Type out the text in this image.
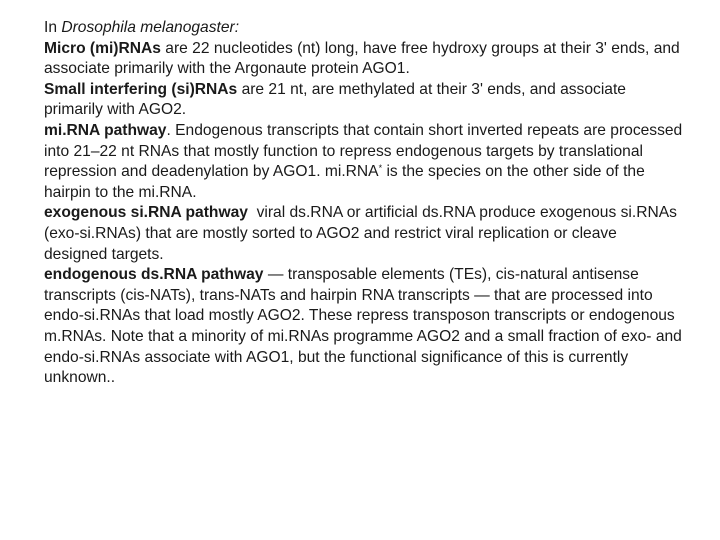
In Drosophila melanogaster:

Micro (mi)RNAs are 22 nucleotides (nt) long, have free hydroxy groups at their 3' ends, and associate primarily with the Argonaute protein AGO1.

Small interfering (si)RNAs are 21 nt, are methylated at their 3' ends, and associate primarily with AGO2.

mi.RNA pathway. Endogenous transcripts that contain short inverted repeats are processed into 21–22 nt RNAs that mostly function to repress endogenous targets by translational repression and deadenylation by AGO1. mi.RNA* is the species on the other side of the hairpin to the mi.RNA.

exogenous si.RNA pathway  viral ds.RNA or artificial ds.RNA produce exogenous si.RNAs (exo-si.RNAs) that are mostly sorted to AGO2 and restrict viral replication or cleave designed targets.

endogenous ds.RNA pathway — transposable elements (TEs), cis-natural antisense transcripts (cis-NATs), trans-NATs and hairpin RNA transcripts — that are processed into endo-si.RNAs that load mostly AGO2. These repress transposon transcripts or endogenous m.RNAs. Note that a minority of mi.RNAs programme AGO2 and a small fraction of exo- and endo-si.RNAs associate with AGO1, but the functional significance of this is currently unknown..
